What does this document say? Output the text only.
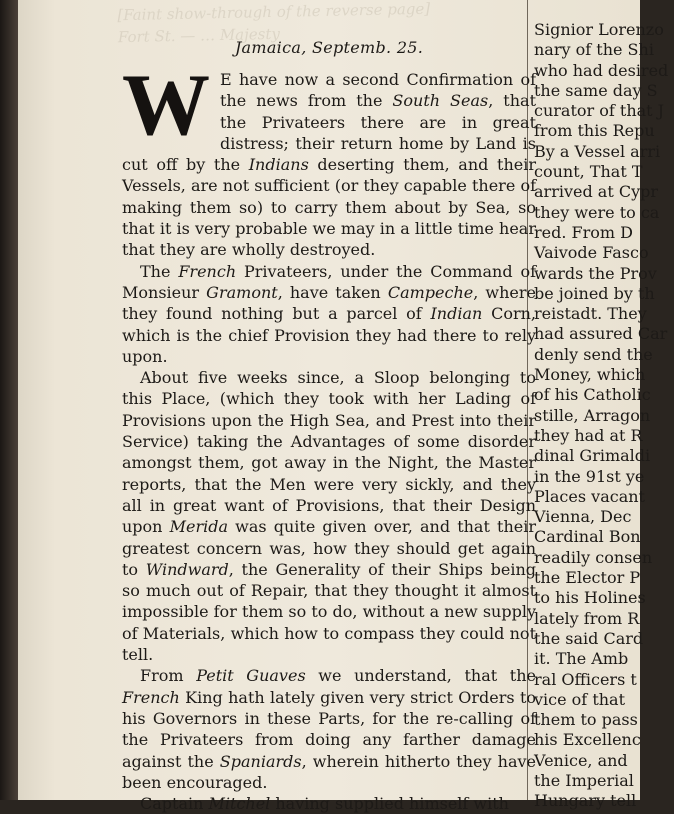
[Faint show-through of the reverse page]
Fort St. — … Majesty
Jamaica, Septemb. 25.

W E have now a second Confirmation of the news from the South Seas, that the Privateers there are in great distress; their return home by Land is cut off by the Indians deserting them, and their Vessels, are not sufficient (or they capable there of making them so) to carry them about by Sea, so that it is very probable we may in a little time hear that they are wholly destroyed.

The French Privateers, under the Command of Monsieur Gramont, have taken Campeche, where they found nothing but a parcel of Indian Corn, which is the chief Provision they had there to rely upon.

About five weeks since, a Sloop belonging to this Place, (which they took with her Lading of Provisions upon the High Sea, and Prest into their Service) taking the Advantages of some disorder amongst them, got away in the Night, the Master reports, that the Men were very sickly, and they all in great want of Provisions, that their Design upon Merida was quite given over, and that their greatest concern was, how they should get again to Windward, the Generality of their Ships being so much out of Repair, that they thought it almost impossible for them so to do, without a new supply of Materials, which how to compass they could not tell.

From Petit Guaves we understand, that the French King hath lately given very strict Orders to his Governors in these Parts, for the re-calling of the Privateers from doing any farther damage against the Spaniards, wherein hitherto they have been encouraged.

Captain Mitchel having supplied himself with

Signior Lorenzo
nary of the Shi
who had desired
the same day S
curator of that J
from this Repu
By a Vessel arri
count, That T
arrived at Cypr
they were to ca
red. From D
Vaivode Fasco
wards the Prov
be joined by th
reistadt. They
had assured Car
denly send the
Money, which
of his Catholic
stille, Arragon
they had at R
dinal Grimaldi
in the 91st ye
Places vacant
Vienna, Dec
Cardinal Bon
readily consen
the Elector P
to his Holines
lately from R
the said Card
it. The Amb
ral Officers t
vice of that
them to pass
his Excellenc
Venice, and
the Imperial
Hungary tell
